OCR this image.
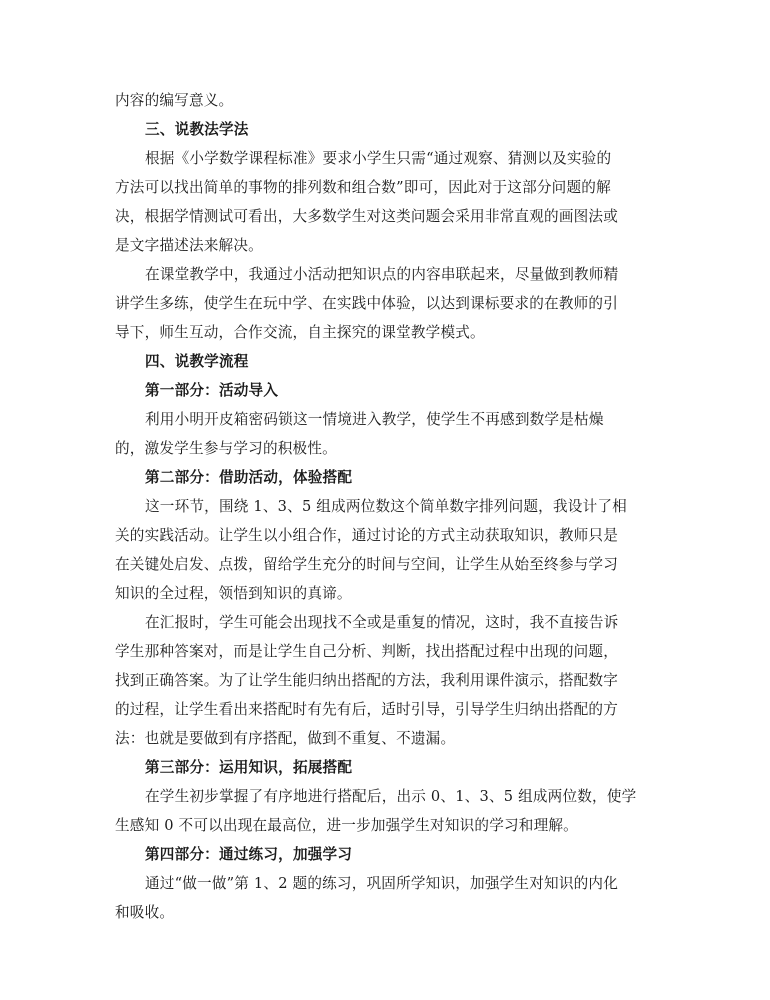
内容的编写意义。
三、说教法学法
根据《小学数学课程标准》要求小学生只需“通过观察、猜测以及实验的
方法可以找出简单的事物的排列数和组合数”即可，因此对于这部分问题的解
决，根据学情测试可看出，大多数学生对这类问题会采用非常直观的画图法或
是文字描述法来解决。
在课堂教学中，我通过小活动把知识点的内容串联起来，尽量做到教师精
讲学生多练，使学生在玩中学、在实践中体验，以达到课标要求的在教师的引
导下，师生互动，合作交流，自主探究的课堂教学模式。
四、说教学流程
第一部分：活动导入
利用小明开皮箱密码锁这一情境进入教学，使学生不再感到数学是枯燥
的，激发学生参与学习的积极性。
第二部分：借助活动，体验搭配
这一环节，围绕 1、3、5 组成两位数这个简单数字排列问题，我设计了相
关的实践活动。让学生以小组合作，通过讨论的方式主动获取知识，教师只是
在关键处启发、点拨，留给学生充分的时间与空间，让学生从始至终参与学习
知识的全过程，领悟到知识的真谛。
在汇报时，学生可能会出现找不全或是重复的情况，这时，我不直接告诉
学生那种答案对，而是让学生自己分析、判断，找出搭配过程中出现的问题，
找到正确答案。为了让学生能归纳出搭配的方法，我利用课件演示，搭配数字
的过程，让学生看出来搭配时有先有后，适时引导，引导学生归纳出搭配的方
法：也就是要做到有序搭配，做到不重复、不遗漏。
第三部分：运用知识，拓展搭配
在学生初步掌握了有序地进行搭配后，出示 0、1、3、5 组成两位数，使学
生感知 0 不可以出现在最高位，进一步加强学生对知识的学习和理解。
第四部分：通过练习，加强学习
通过“做一做”第 1、2 题的练习，巩固所学知识，加强学生对知识的内化
和吸收。
